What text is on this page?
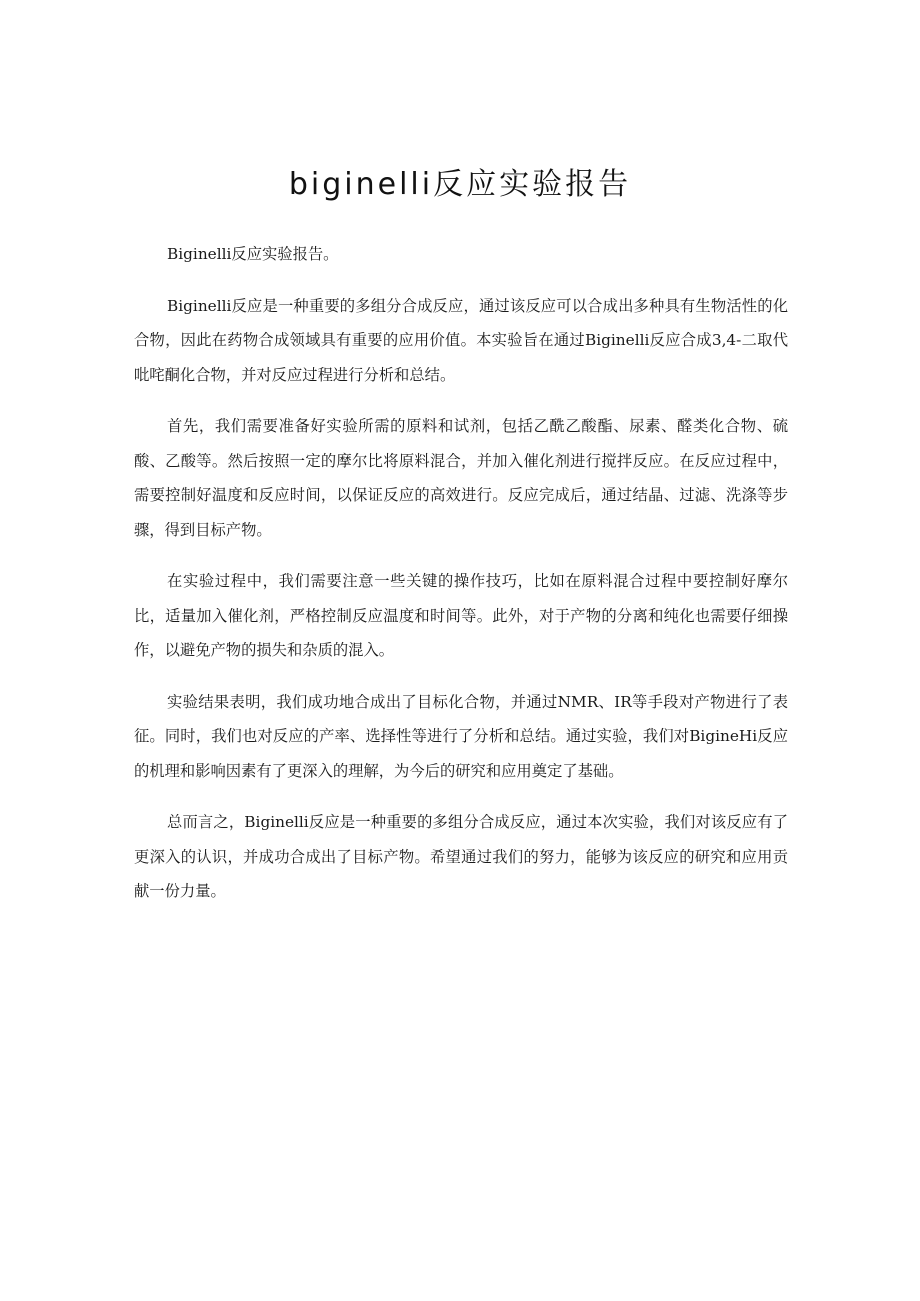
biginelli反应实验报告

Biginelli反应实验报告。

Biginelli反应是一种重要的多组分合成反应，通过该反应可以合成出多种具有生物活性的化合物，因此在药物合成领域具有重要的应用价值。本实验旨在通过Biginelli反应合成3,4-二取代吡咤酮化合物，并对反应过程进行分析和总结。

首先，我们需要准备好实验所需的原料和试剂，包括乙酰乙酸酯、尿素、醛类化合物、硫酸、乙酸等。然后按照一定的摩尔比将原料混合，并加入催化剂进行搅拌反应。在反应过程中，需要控制好温度和反应时间，以保证反应的高效进行。反应完成后，通过结晶、过滤、洗涤等步骤，得到目标产物。

在实验过程中，我们需要注意一些关键的操作技巧，比如在原料混合过程中要控制好摩尔比，适量加入催化剂，严格控制反应温度和时间等。此外，对于产物的分离和纯化也需要仔细操作，以避免产物的损失和杂质的混入。

实验结果表明，我们成功地合成出了目标化合物，并通过NMR、IR等手段对产物进行了表征。同时，我们也对反应的产率、选择性等进行了分析和总结。通过实验，我们对BigineHi反应的机理和影响因素有了更深入的理解，为今后的研究和应用奠定了基础。

总而言之，Biginelli反应是一种重要的多组分合成反应，通过本次实验，我们对该反应有了更深入的认识，并成功合成出了目标产物。希望通过我们的努力，能够为该反应的研究和应用贡献一份力量。
